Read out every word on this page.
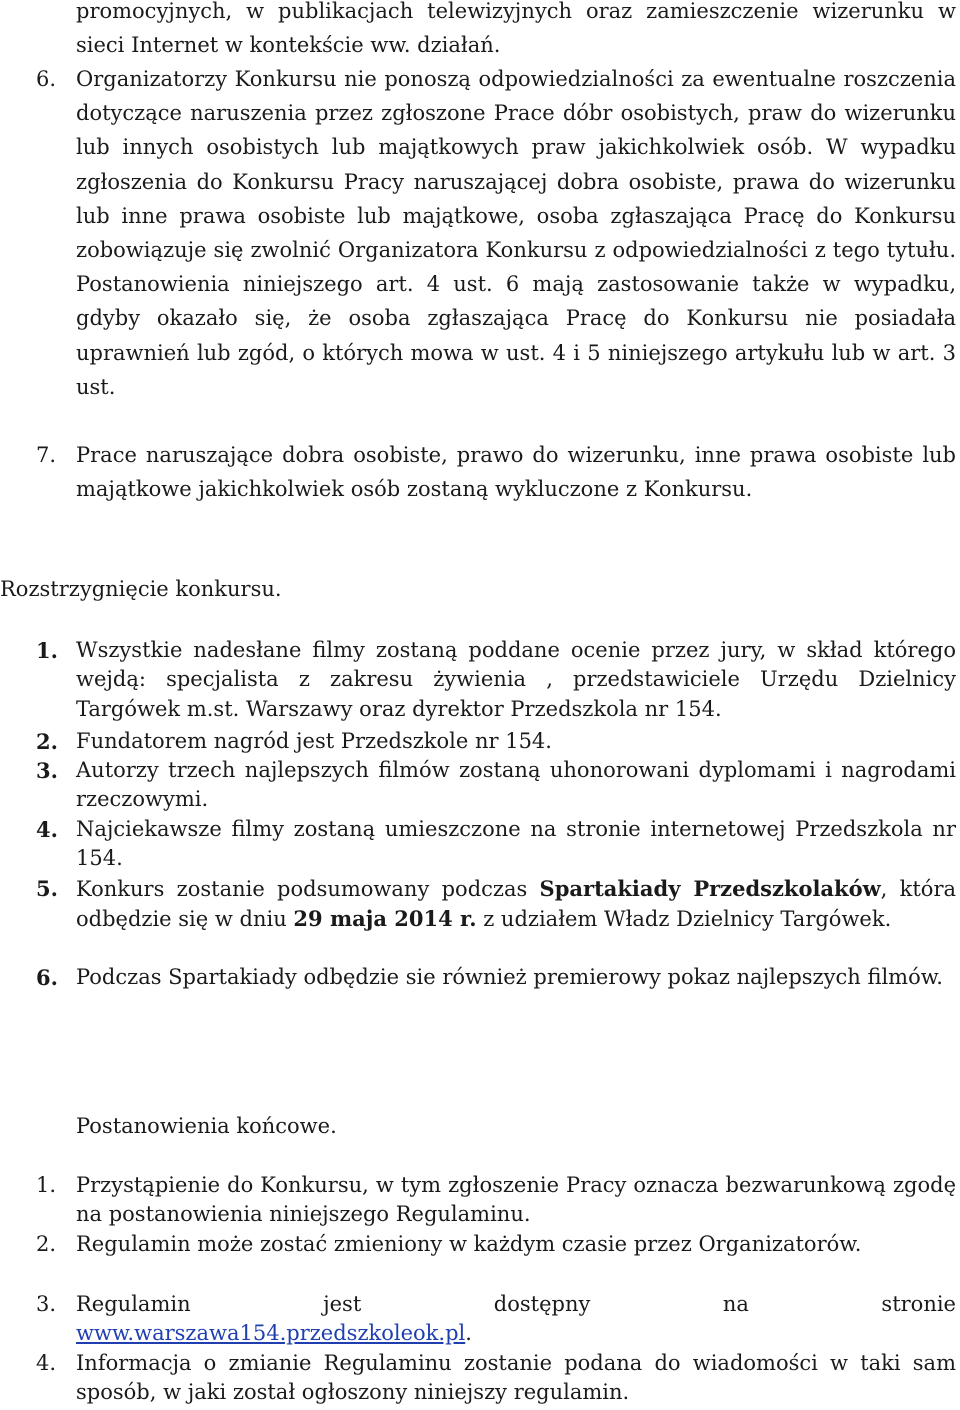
promocyjnych, w publikacjach telewizyjnych oraz zamieszczenie wizerunku w sieci Internet w kontekście ww. działań.
6. Organizatorzy Konkursu nie ponoszą odpowiedzialności za ewentualne roszczenia dotyczące naruszenia przez zgłoszone Prace dóbr osobistych, praw do wizerunku lub innych osobistych lub majątkowych praw jakichkolwiek osób. W wypadku zgłoszenia do Konkursu Pracy naruszającej dobra osobiste, prawa do wizerunku lub inne prawa osobiste lub majątkowe, osoba zgłaszająca Pracę do Konkursu zobowiązuje się zwolnić Organizatora Konkursu z odpowiedzialności z tego tytułu. Postanowienia niniejszego art. 4 ust. 6 mają zastosowanie także w wypadku, gdyby okazało się, że osoba zgłaszająca Pracę do Konkursu nie posiadała uprawnień lub zgód, o których mowa w ust. 4 i 5 niniejszego artykułu lub w art. 3 ust.
7. Prace naruszające dobra osobiste, prawo do wizerunku, inne prawa osobiste lub majątkowe jakichkolwiek osób zostaną wykluczone z Konkursu.
Rozstrzygnięcie konkursu.
1. Wszystkie nadesłane filmy zostaną poddane ocenie przez jury, w skład którego wejdą: specjalista z zakresu żywienia , przedstawiciele Urzędu Dzielnicy Targówek m.st. Warszawy oraz dyrektor Przedszkola nr 154.
2. Fundatorem nagród jest Przedszkole nr 154.
3. Autorzy trzech najlepszych filmów zostaną uhonorowani dyplomami i nagrodami rzeczowymi.
4. Najciekawsze filmy zostaną umieszczone na stronie internetowej Przedszkola nr 154.
5. Konkurs zostanie podsumowany podczas Spartakiady Przedszkolaków, która odbędzie się w dniu 29 maja 2014 r. z udziałem Władz Dzielnicy Targówek.
6. Podczas Spartakiady odbędzie sie również premierowy pokaz najlepszych filmów.
Postanowienia końcowe.
1. Przystąpienie do Konkursu, w tym zgłoszenie Pracy oznacza bezwarunkową zgodę na postanowienia niniejszego Regulaminu.
2. Regulamin może zostać zmieniony w każdym czasie przez Organizatorów.
3. Regulamin jest dostępny na stronie
www.warszawa154.przedszkoleok.pl.
4. Informacja o zmianie Regulaminu zostanie podana do wiadomości w taki sam sposób, w jaki został ogłoszony niniejszy regulamin.
